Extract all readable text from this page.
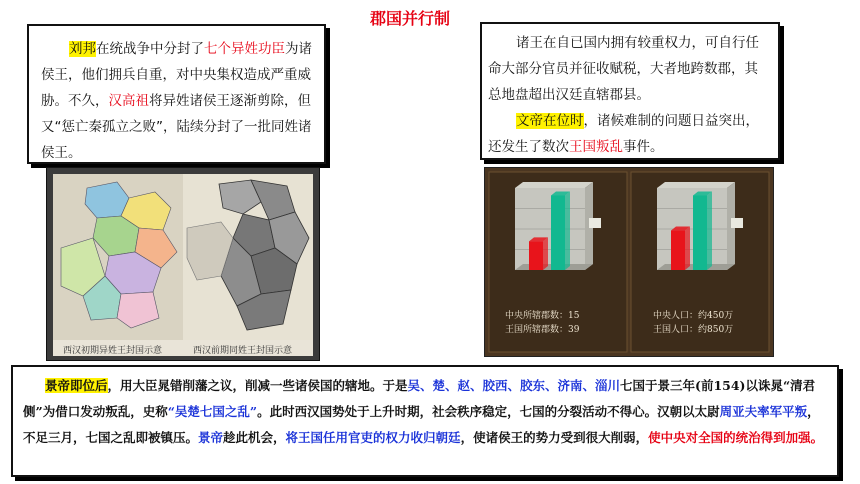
郡国并行制
刘邦在统战争中分封了七个异姓功臣为诸侯王，他们拥兵自重，对中央集权造成严重威胁。不久，汉高祖将异姓诸侯王逐渐剪除，但又“惩亡秦孤立之败”，陆续分封了一批同姓诸侯王。

诸王在自已国内拥有较重权力，可自行任命大部分官员并征收赋税，大者地跨数郡，其总地盘超出汉廷直辖郡县。

文帝在位时，诸候难制的问题日益突出，还发生了数次王国叛乱事件。

西汉初期异姓王封国示意	西汉前期同姓王封国示意
中央所辖郡数：15
王国所辖郡数：39
中央人口：约450万
王国人口：约850万
景帝即位后，用大臣晁错削藩之议，削减一些诸侯国的辖地。于是吴、楚、赵、胶西、胶东、济南、淄川七国于景三年(前154)以诛晁“清君侧”为借口发动叛乱，史称“吴楚七国之乱”。此时西汉国势处于上升时期，社会秩序稳定，七国的分裂活动不得心。汉朝以太尉周亚夫率军平叛，不足三月，七国之乱即被镇压。景帝趁此机会，将王国任用官吏的权力收归朝廷，使诸侯王的势力受到很大削弱，使中央对全国的统治得到加强。
